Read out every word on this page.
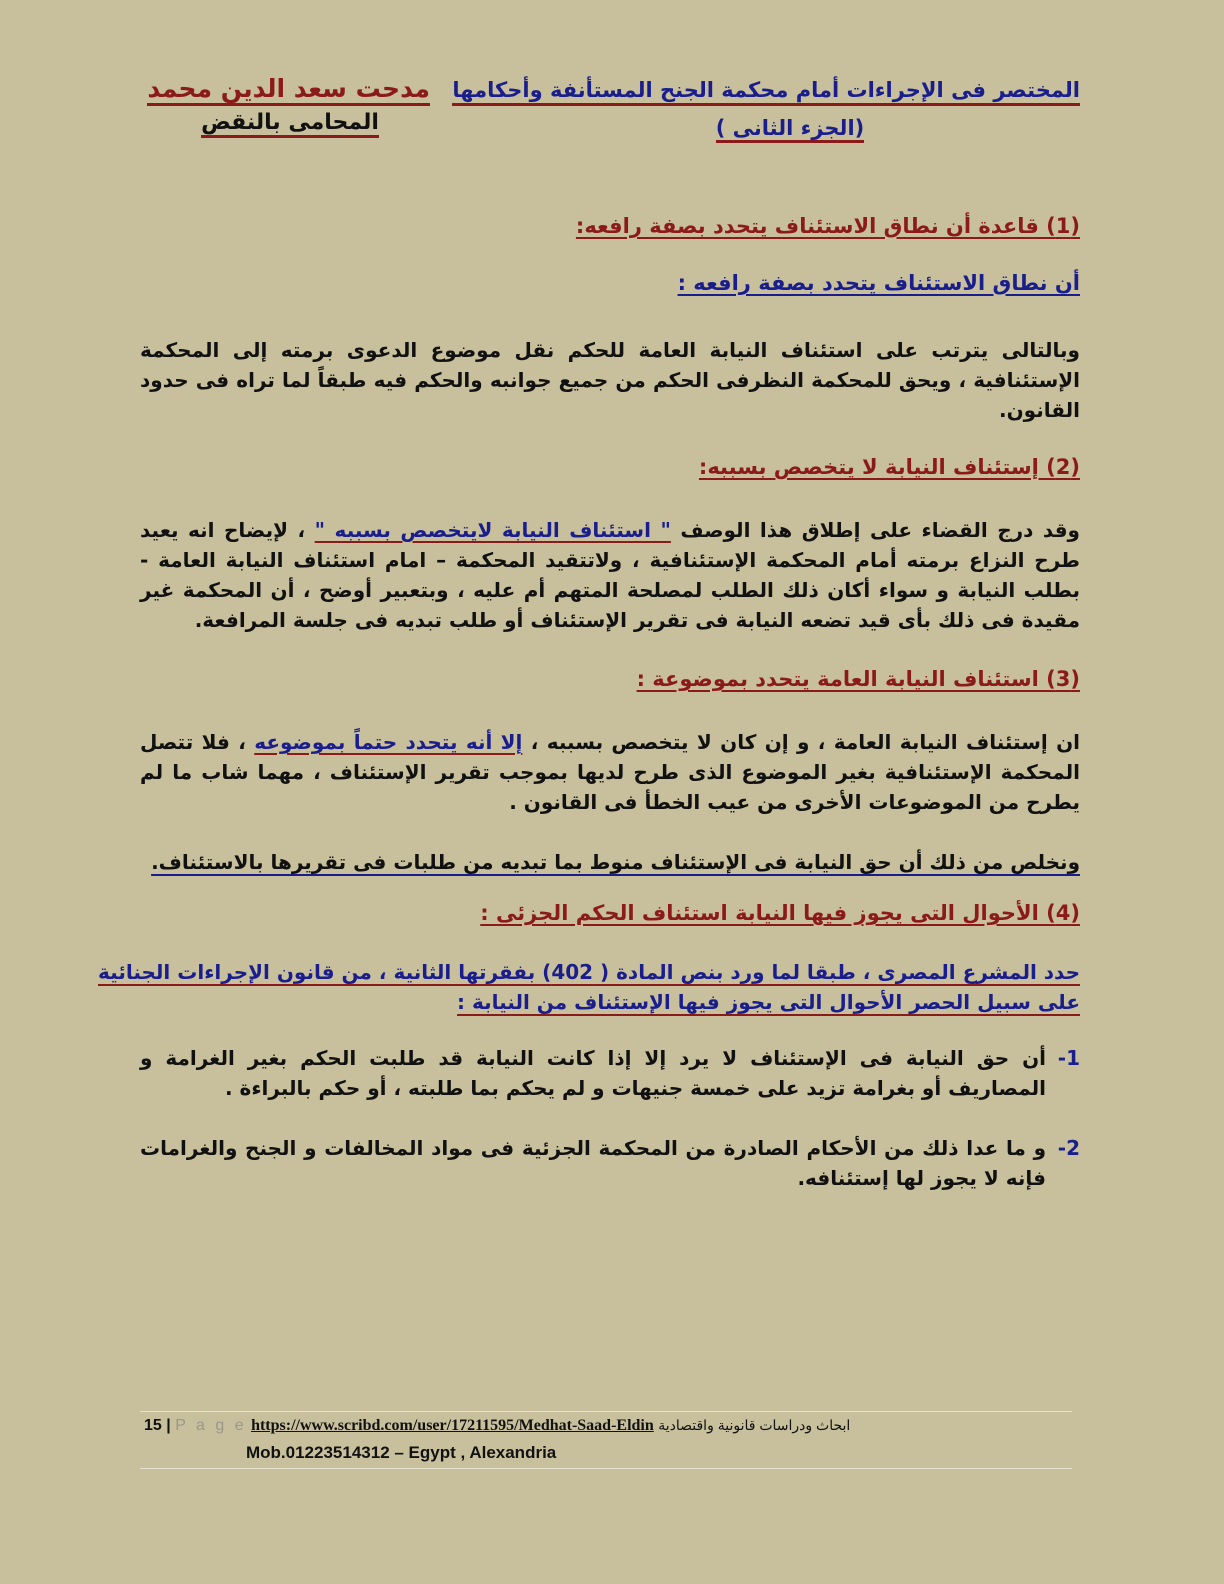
المختصر فى الإجراءات أمام محكمة الجنح المستأنفة وأحكامها
(الجزء الثانى )
مدحت سعد الدين محمد
المحامى بالنقض
(1) قاعدة أن نطاق الاستئناف يتحدد بصفة رافعه:
أن نطاق الاستئناف يتحدد بصفة رافعه :
وبالتالى يترتب على استئناف النيابة العامة للحكم نقل موضوع الدعوى برمته إلى المحكمة الإستئنافية ، ويحق للمحكمة النظرفى الحكم من جميع جوانبه والحكم فيه طبقاً لما تراه فى حدود القانون.
(2) إستئناف النيابة لا يتخصص بسببه:
وقد درج القضاء على إطلاق هذا الوصف " استئناف النيابة لايتخصص بسببه " ، لإيضاح انه يعيد طرح النزاع برمته أمام المحكمة الإستئنافية ، ولاتتقيد المحكمة – امام استئناف النيابة العامة - بطلب النيابة و سواء أكان ذلك الطلب لمصلحة المتهم أم عليه ، وبتعبير أوضح ، أن المحكمة غير مقيدة فى ذلك بأى قيد تضعه النيابة فى تقرير الإستئناف أو طلب تبديه فى جلسة المرافعة.
(3) استئناف النيابة العامة يتحدد بموضوعة :
ان إستئناف النيابة العامة ، و إن كان لا يتخصص بسببه ، إلا أنه يتحدد حتماً بموضوعه ، فلا تتصل المحكمة الإستئنافية بغير الموضوع الذى طرح لديها بموجب تقرير الإستئناف ، مهما شاب ما لم يطرح من الموضوعات الأخرى من عيب الخطأ فى القانون .
ونخلص من ذلك أن حق النيابة فى الإستئناف منوط بما تبديه من طلبات فى تقريرها بالاستئناف.
(4) الأحوال التى يجوز فيها النيابة استئناف الحكم الجزئى :
حدد المشرع المصرى ، طبقا لما ورد بنص المادة ( 402) بفقرتها الثانية ، من قانون الإجراءات الجنائية
على سبيل الحصر الأحوال التى يجوز فيها الإستئناف من النيابة :
1-
أن حق النيابة فى الإستئناف لا يرد إلا إذا كانت النيابة قد طلبت الحكم بغير الغرامة و المصاريف أو بغرامة تزيد على خمسة جنيهات و لم يحكم بما طلبته ، أو حكم بالبراءة .
2-
و ما عدا ذلك من الأحكام الصادرة من المحكمة الجزئية فى مواد المخالفات و الجنح والغرامات فإنه لا يجوز لها إستئنافه.
15 | P a g e https://www.scribd.com/user/17211595/Medhat-Saad-Eldin ابحاث ودراسات قانونية واقتصادية
Mob.01223514312 – Egypt , Alexandria
